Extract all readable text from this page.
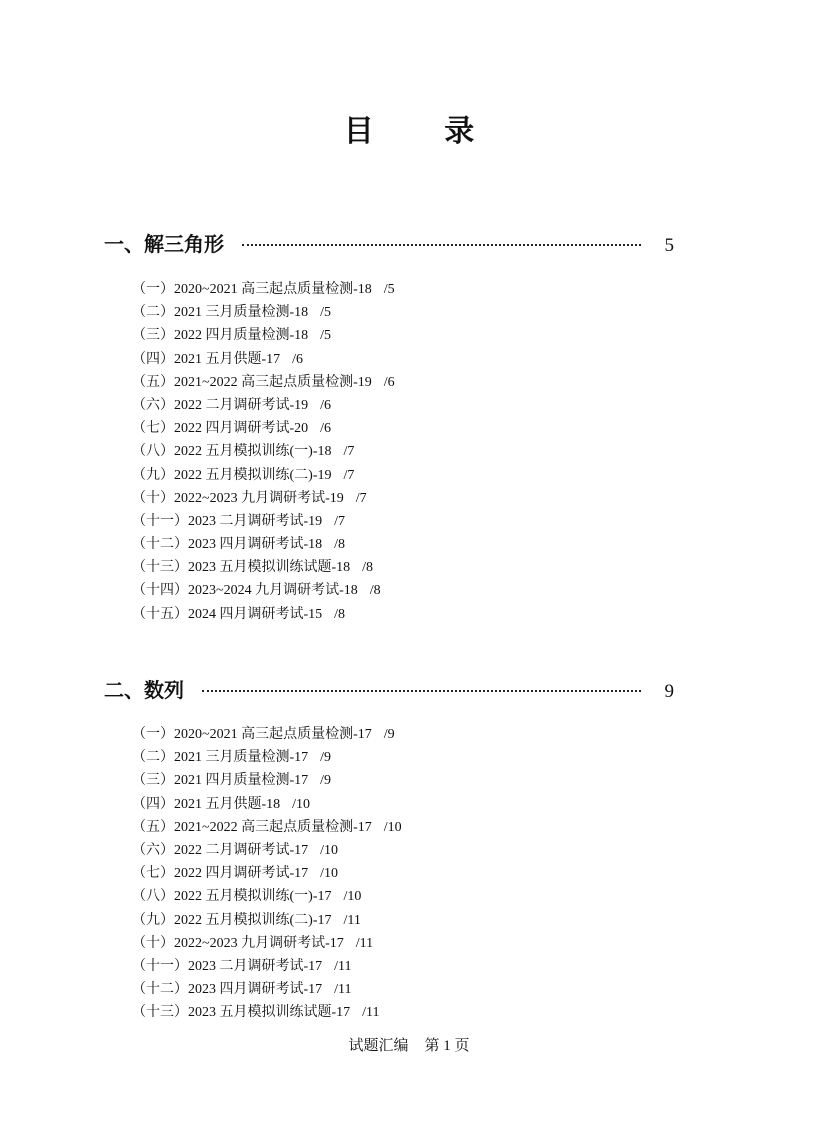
目 录
一、解三角形	5
（一）2020~2021 高三起点质量检测-18 /5
（二）2021 三月质量检测-18 /5
（三）2022 四月质量检测-18 /5
（四）2021 五月供题-17 /6
（五）2021~2022 高三起点质量检测-19 /6
（六）2022 二月调研考试-19 /6
（七）2022 四月调研考试-20 /6
（八）2022 五月模拟训练(一)-18 /7
（九）2022 五月模拟训练(二)-19 /7
（十）2022~2023 九月调研考试-19 /7
（十一）2023 二月调研考试-19 /7
（十二）2023 四月调研考试-18 /8
（十三）2023 五月模拟训练试题-18 /8
（十四）2023~2024 九月调研考试-18 /8
（十五）2024 四月调研考试-15 /8
二、数列	9
（一）2020~2021 高三起点质量检测-17 /9
（二）2021 三月质量检测-17 /9
（三）2021 四月质量检测-17 /9
（四）2021 五月供题-18 /10
（五）2021~2022 高三起点质量检测-17 /10
（六）2022 二月调研考试-17 /10
（七）2022 四月调研考试-17 /10
（八）2022 五月模拟训练(一)-17 /10
（九）2022 五月模拟训练(二)-17 /11
（十）2022~2023 九月调研考试-17 /11
（十一）2023 二月调研考试-17 /11
（十二）2023 四月调研考试-17 /11
（十三）2023 五月模拟训练试题-17 /11
试题汇编 第 1 页
